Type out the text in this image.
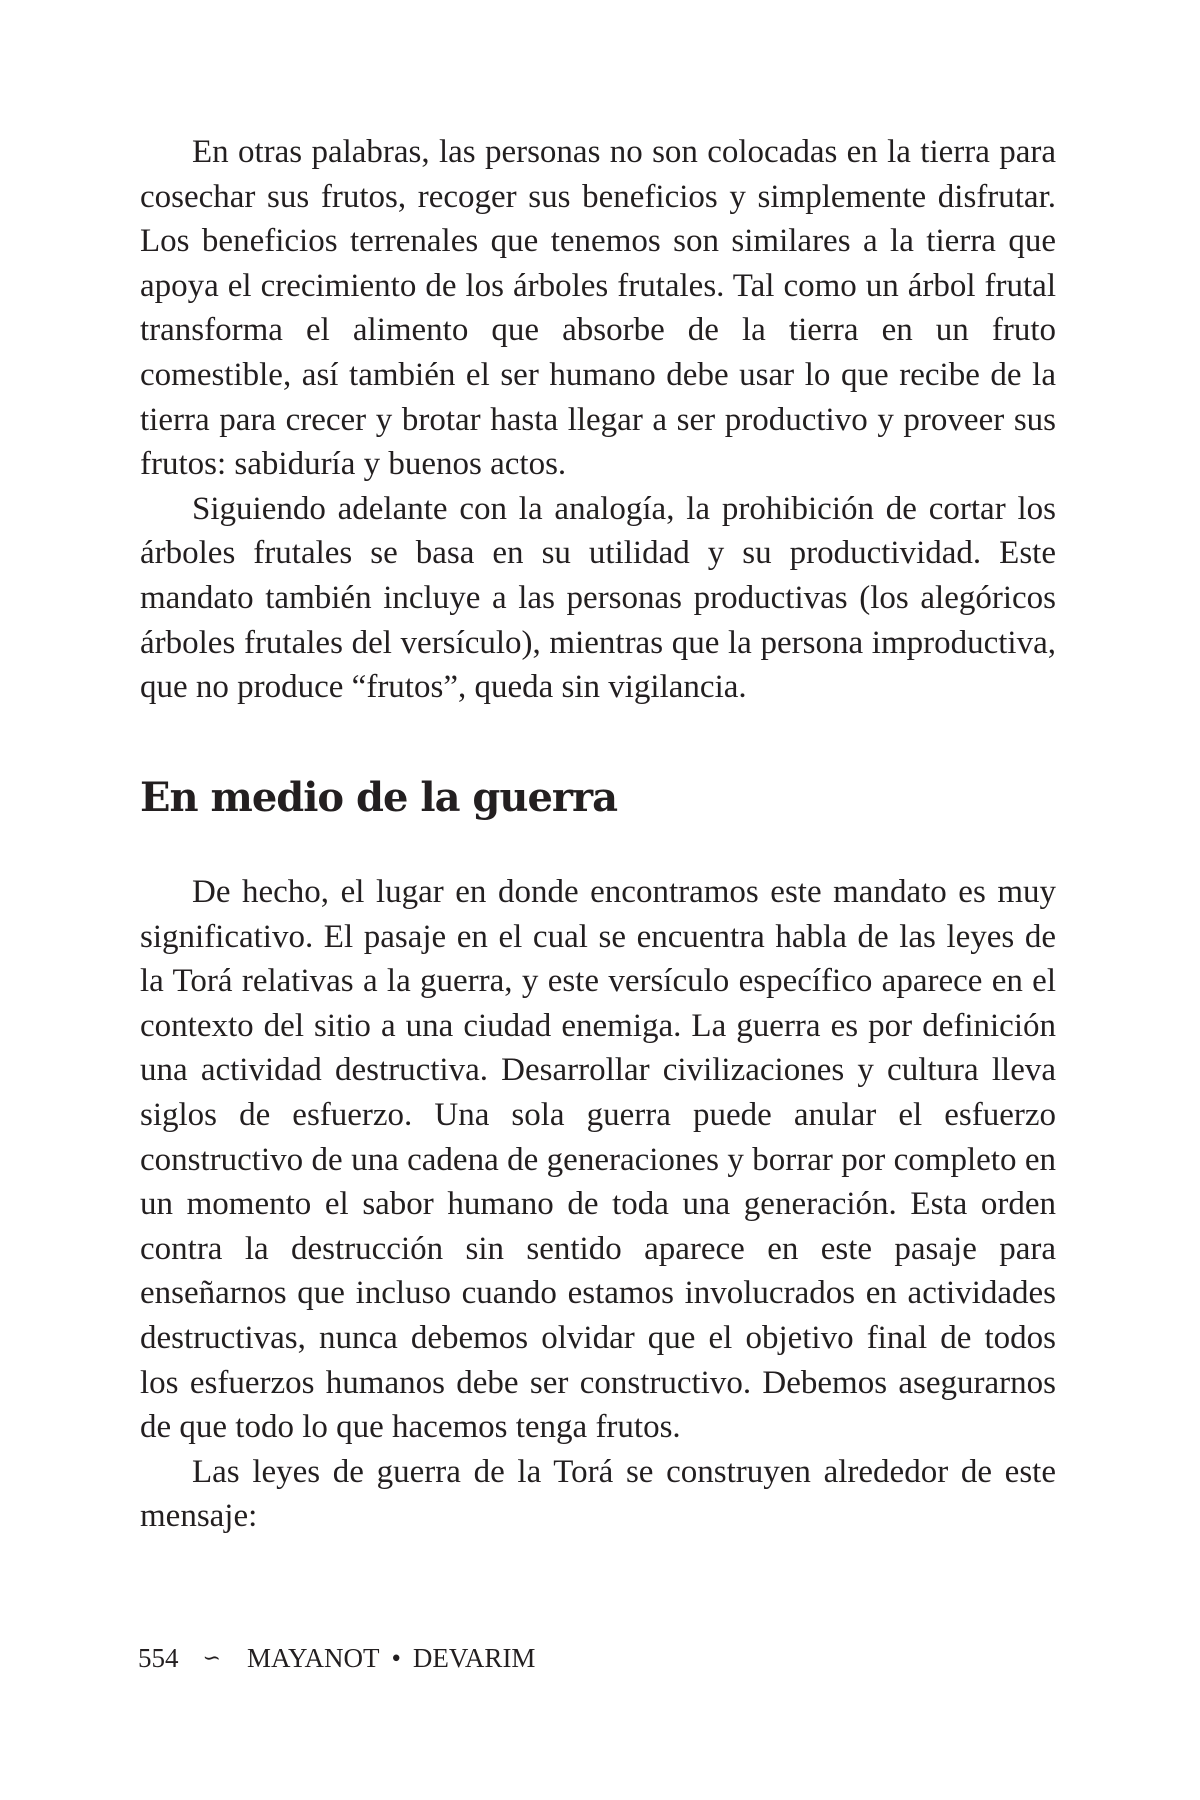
En otras palabras, las personas no son colocadas en la tierra para cosechar sus frutos, recoger sus beneficios y simplemente disfrutar. Los beneficios terrenales que tenemos son similares a la tierra que apoya el crecimiento de los árboles frutales. Tal como un árbol frutal transforma el alimento que absorbe de la tierra en un fruto comestible, así también el ser humano debe usar lo que recibe de la tierra para crecer y brotar hasta llegar a ser productivo y proveer sus frutos: sabiduría y buenos actos.

Siguiendo adelante con la analogía, la prohibición de cortar los árboles frutales se basa en su utilidad y su productividad. Este mandato también incluye a las personas productivas (los alegóricos árboles frutales del versículo), mientras que la persona improductiva, que no produce “frutos”, queda sin vigilancia.

En medio de la guerra

De hecho, el lugar en donde encontramos este mandato es muy significativo. El pasaje en el cual se encuentra habla de las leyes de la Torá relativas a la guerra, y este versículo específico aparece en el contexto del sitio a una ciudad enemiga. La guerra es por definición una actividad destructiva. Desarrollar civilizaciones y cultura lleva siglos de esfuerzo. Una sola guerra puede anular el esfuerzo constructivo de una cadena de generaciones y borrar por completo en un momento el sabor humano de toda una generación. Esta orden contra la destrucción sin sentido aparece en este pasaje para enseñarnos que incluso cuando estamos involucrados en actividades destructivas, nunca debemos olvidar que el objetivo final de todos los esfuerzos humanos debe ser constructivo. Debemos asegurarnos de que todo lo que hacemos tenga frutos.

Las leyes de guerra de la Torá se construyen alrededor de este mensaje:

554 ∽ MAYANOT • DEVARIM
